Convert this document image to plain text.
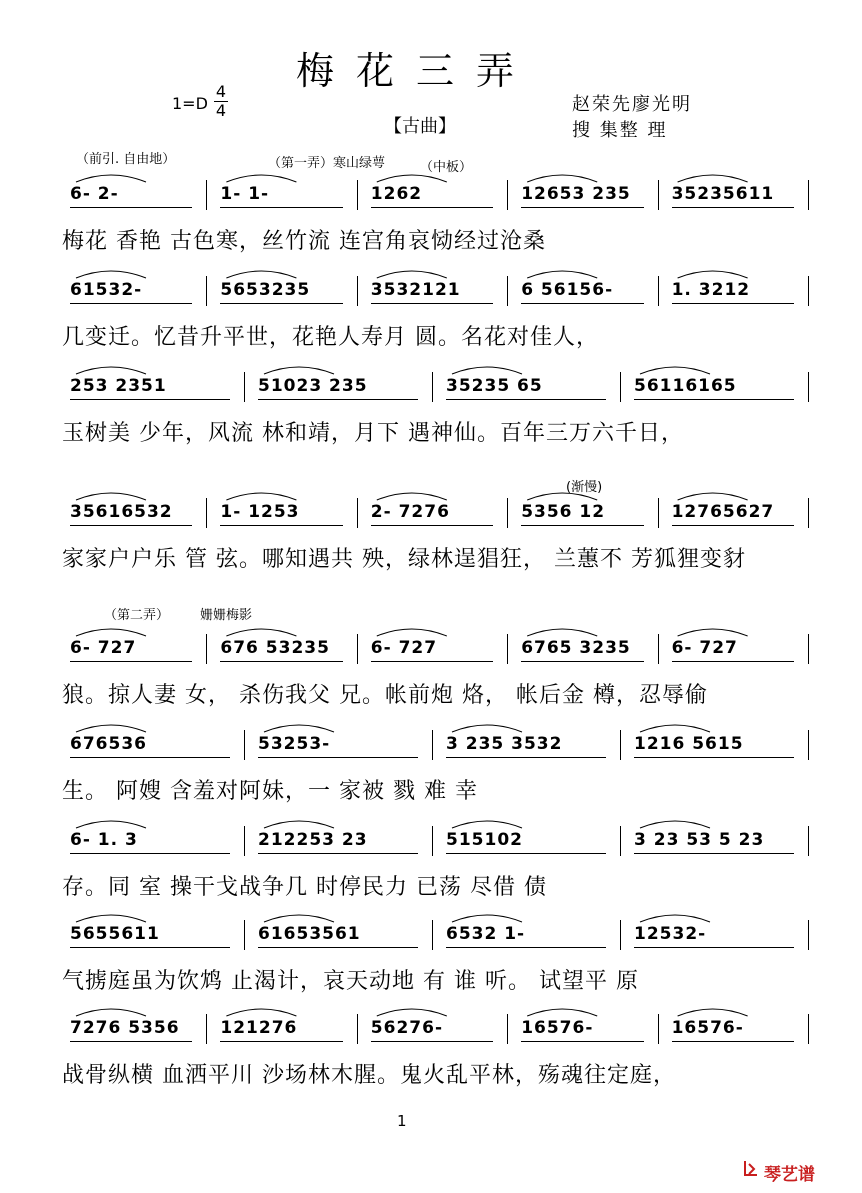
梅花三弄
1=D
4
4
【古曲】
赵荣先廖光明
搜 集整 理
（前引. 自由地）	（第一弄）寒山绿萼	（中板）
(渐慢)
（第二弄） 姗姗梅影
6- 2-	1- 1-	1262	12653 235 35235611
梅花 香艳 古色寒，丝竹流 连宫角哀恸经过沧桑
61532-	5653235	3532121	6 56156-	1. 3212
几变迁。忆昔升平世，花艳人寿月 圆。名花对佳人，
253 2351	51023 235	35235 65	56116165
玉树美 少年，风流 林和靖，月下 遇神仙。百年三万六千日，
35616532	1- 1253	2- 7276	5356 12	12765627
家家户户乐 管 弦。哪知遇共 殃，绿林逞猖狂， 兰蕙不 芳狐狸变豺
6- 727	676 53235 6- 727	6765 3235 6- 727
狼。掠人妻 女， 杀伤我父 兄。帐前炮 烙， 帐后金 樽，忍辱偷
676536	53253-	3 235 3532	1216 5615
生。 阿嫂 含羞对阿妹，一 家被 戮 难 幸
6- 1. 3	212253 23	515102	3 23 53 5 23
存。同 室 操干戈战争几 时停民力 已荡 尽借 债
5655611	61653561	6532 1-	12532-
气掳庭虽为饮鸩 止渴计，哀天动地 有 谁 听。 试望平 原
7276 5356 121276	56276-	16576-	16576-
战骨纵横 血洒平川 沙场林木腥。鬼火乱平林，殇魂往定庭，
1
琴艺谱
